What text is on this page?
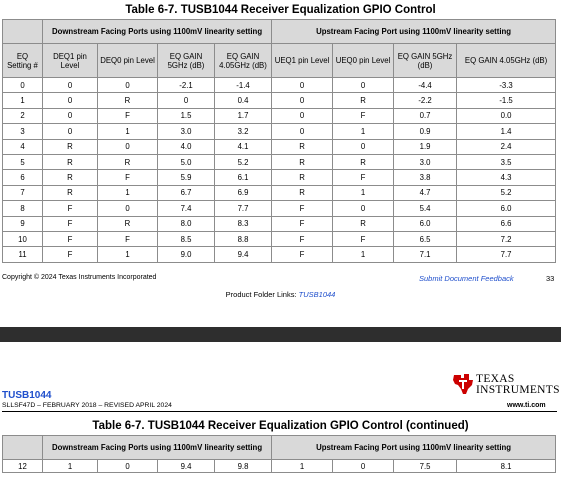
Table 6-7. TUSB1044 Receiver Equalization GPIO Control
	Downstream Facing Ports using 1100mV linearity setting				Upstream Facing Port using 1100mV linearity setting			
EQ Setting #	DEQ1 pin Level	DEQ0 pin Level	EQ GAIN 5GHz (dB)	EQ GAIN 4.05GHz (dB)	UEQ1 pin Level	UEQ0 pin Level	EQ GAIN 5GHz (dB)	EQ GAIN 4.05GHz (dB)
0	0	0	-2.1	-1.4	0	0	-4.4	-3.3
1	0	R	0	0.4	0	R	-2.2	-1.5
2	0	F	1.5	1.7	0	F	0.7	0.0
3	0	1	3.0	3.2	0	1	0.9	1.4
4	R	0	4.0	4.1	R	0	1.9	2.4
5	R	R	5.0	5.2	R	R	3.0	3.5
6	R	F	5.9	6.1	R	F	3.8	4.3
7	R	1	6.7	6.9	R	1	4.7	5.2
8	F	0	7.4	7.7	F	0	5.4	6.0
9	F	R	8.0	8.3	F	R	6.0	6.6
10	F	F	8.5	8.8	F	F	6.5	7.2
11	F	1	9.0	9.4	F	1	7.1	7.7
Copyright © 2024 Texas Instruments Incorporated	Submit Document Feedback	33
Product Folder Links: TUSB1044
TUSB1044
SLLSF47D – FEBRUARY 2018 – REVISED APRIL 2024
TEXAS
INSTRUMENTS
www.ti.com
Table 6-7. TUSB1044 Receiver Equalization GPIO Control (continued)
	Downstream Facing Ports using 1100mV linearity setting				Upstream Facing Port using 1100mV linearity setting			
12	1	0	9.4	9.8	1	0	7.5	8.1
